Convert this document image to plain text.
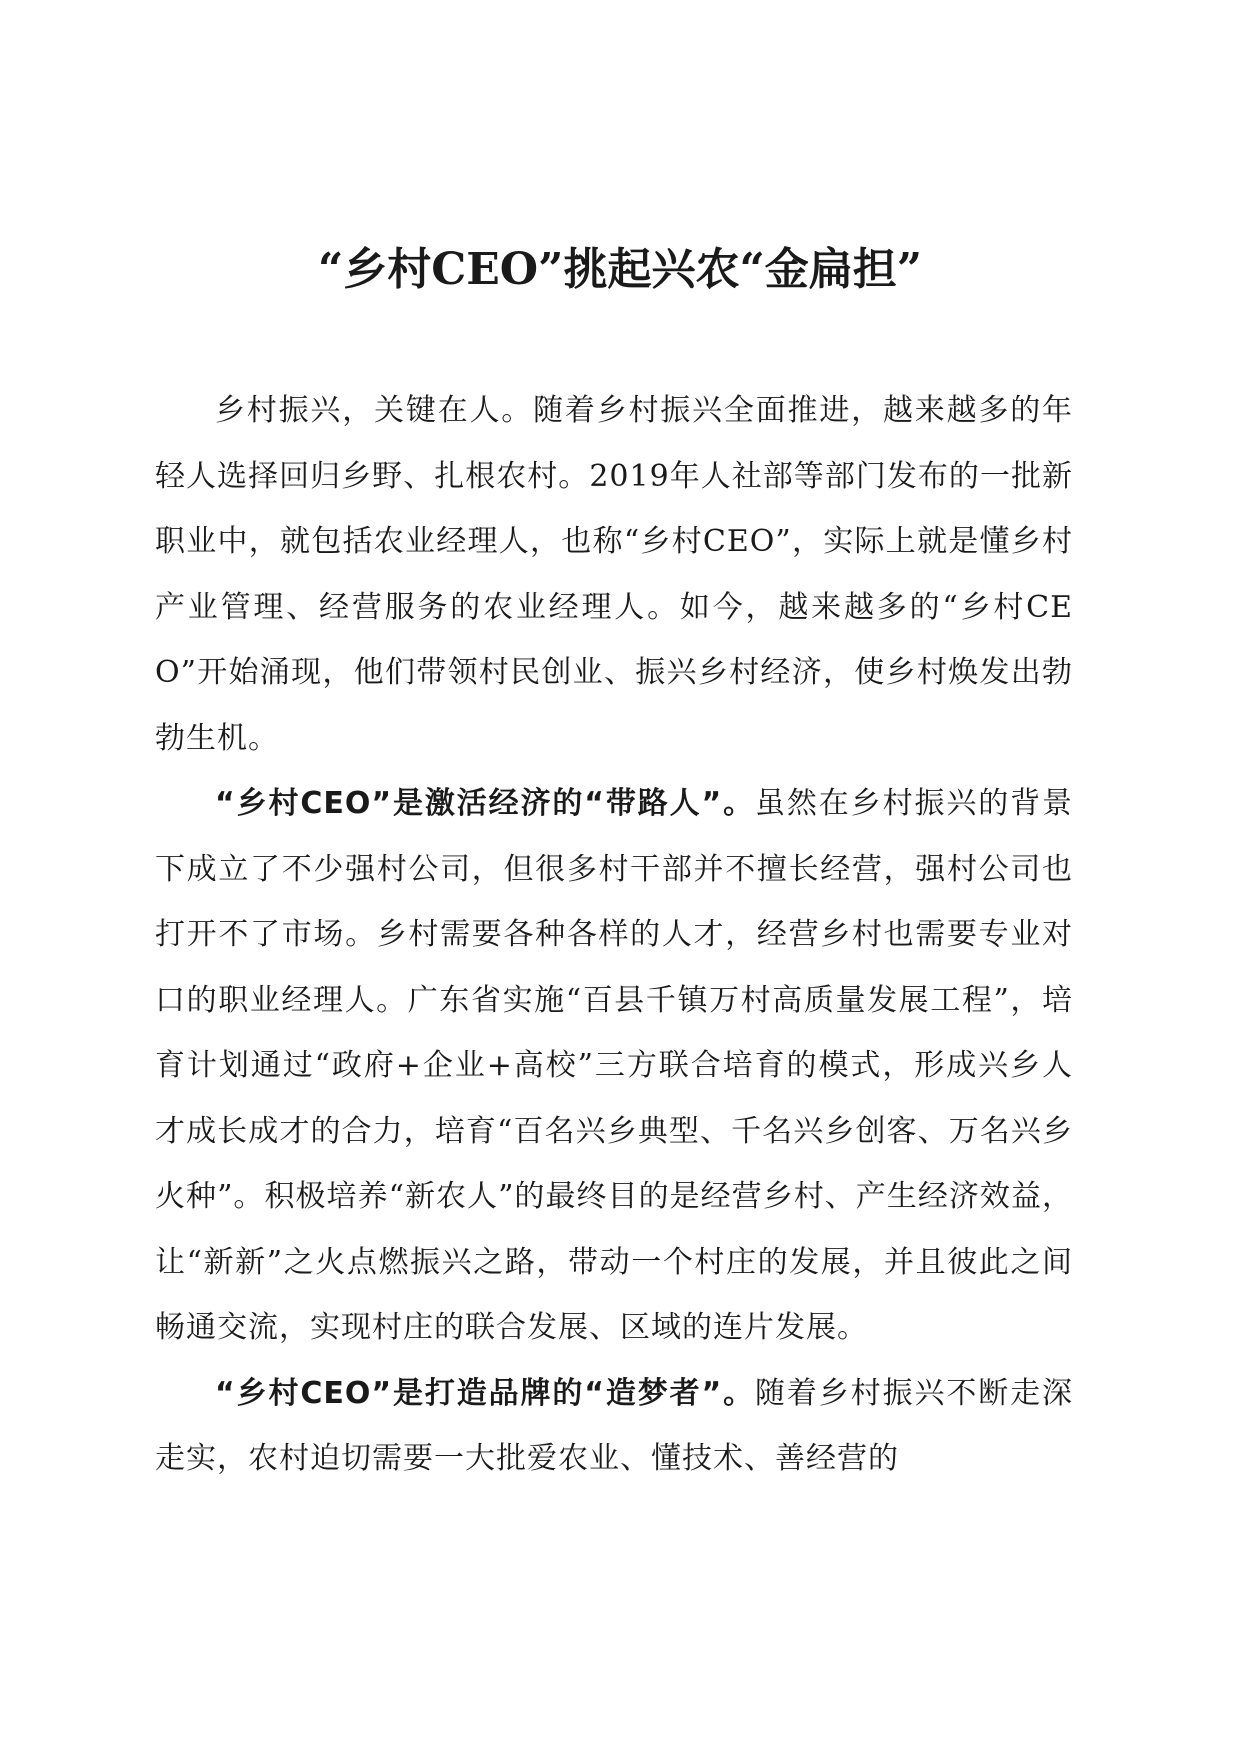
“乡村CEO”挑起兴农“金扁担”

乡村振兴，关键在人。随着乡村振兴全面推进，越来越多的年轻人选择回归乡野、扎根农村。2019年人社部等部门发布的一批新职业中，就包括农业经理人，也称“乡村CEO”，实际上就是懂乡村产业管理、经营服务的农业经理人。如今，越来越多的“乡村CEO”开始涌现，他们带领村民创业、振兴乡村经济，使乡村焕发出勃勃生机。

“乡村CEO”是激活经济的“带路人”。虽然在乡村振兴的背景下成立了不少强村公司，但很多村干部并不擅长经营，强村公司也打开不了市场。乡村需要各种各样的人才，经营乡村也需要专业对口的职业经理人。广东省实施“百县千镇万村高质量发展工程”，培育计划通过“政府+企业+高校”三方联合培育的模式，形成兴乡人才成长成才的合力，培育“百名兴乡典型、千名兴乡创客、万名兴乡火种”。积极培养“新农人”的最终目的是经营乡村、产生经济效益，让“新新”之火点燃振兴之路，带动一个村庄的发展，并且彼此之间畅通交流，实现村庄的联合发展、区域的连片发展。

“乡村CEO”是打造品牌的“造梦者”。随着乡村振兴不断走深走实，农村迫切需要一大批爱农业、懂技术、善经营的
